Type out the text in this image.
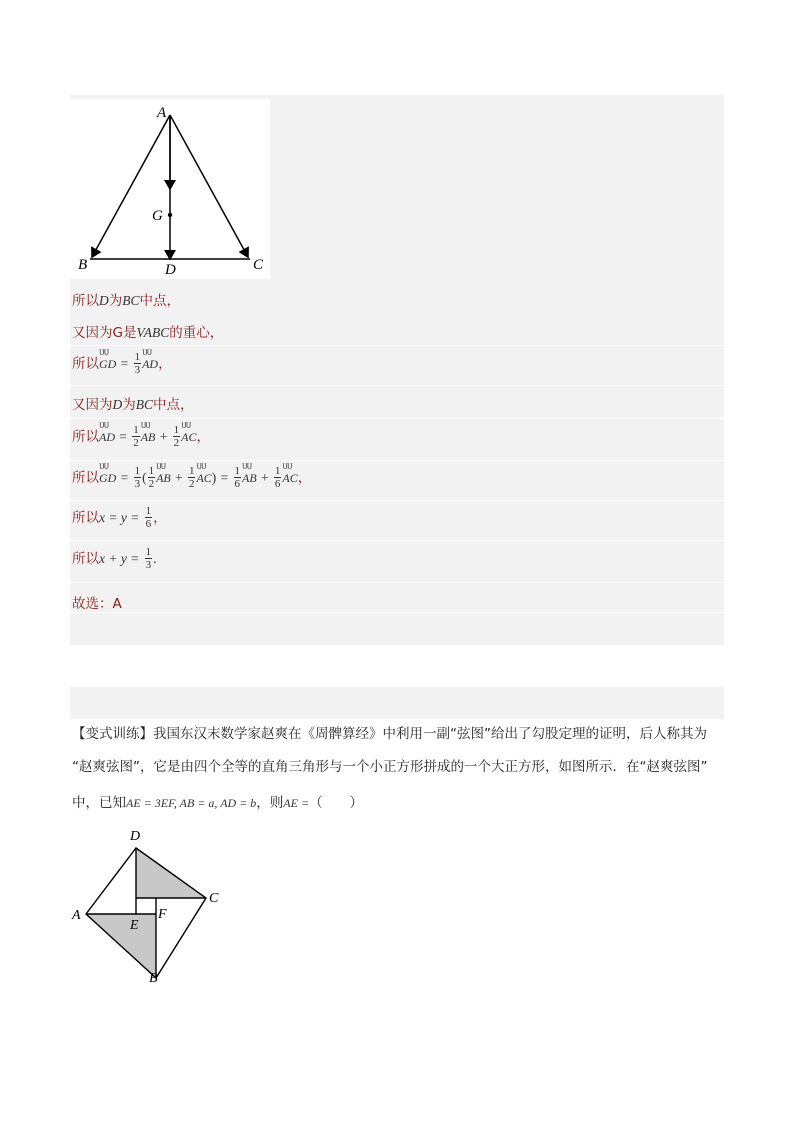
A
G
B	D	C
所以D为BC中点，
又因为G是VABC的重心，
所以ՍՍ GD = $\frac{1}{3}$ ՍՍ AD，
又因为D为BC中点，
所以ՍՍ AD = $\frac{1}{2}$ ՍՍ AB + $\frac{1}{2}$ ՍՍ AC，
所以ՍՍ GD = $\frac{1}{3}$ ( $\frac{1}{2}$ ՍՍ AB + $\frac{1}{2}$ ՍՍ $AC) = \frac{1}{6}$ ՍՍ AB + $\frac{1}{6}$ ՍՍ AC，
所以$x = y = \frac{1}{6}$ ，
所以$x + y = \frac{1}{3}$ .
故选：A
【变式训练】我国东汉末数学家赵爽在《周髀算经》中利用一副“弦图”给出了勾股定理的证明，后人称其为
“赵爽弦图”，它是由四个全等的直角三角形与一个小正方形拼成的一个大正方形，如图所示．在“赵爽弦图”
中，已知AE = 3EF, AB = a, AD = b，则AE =（　　）
D
C
A	F
E
B
